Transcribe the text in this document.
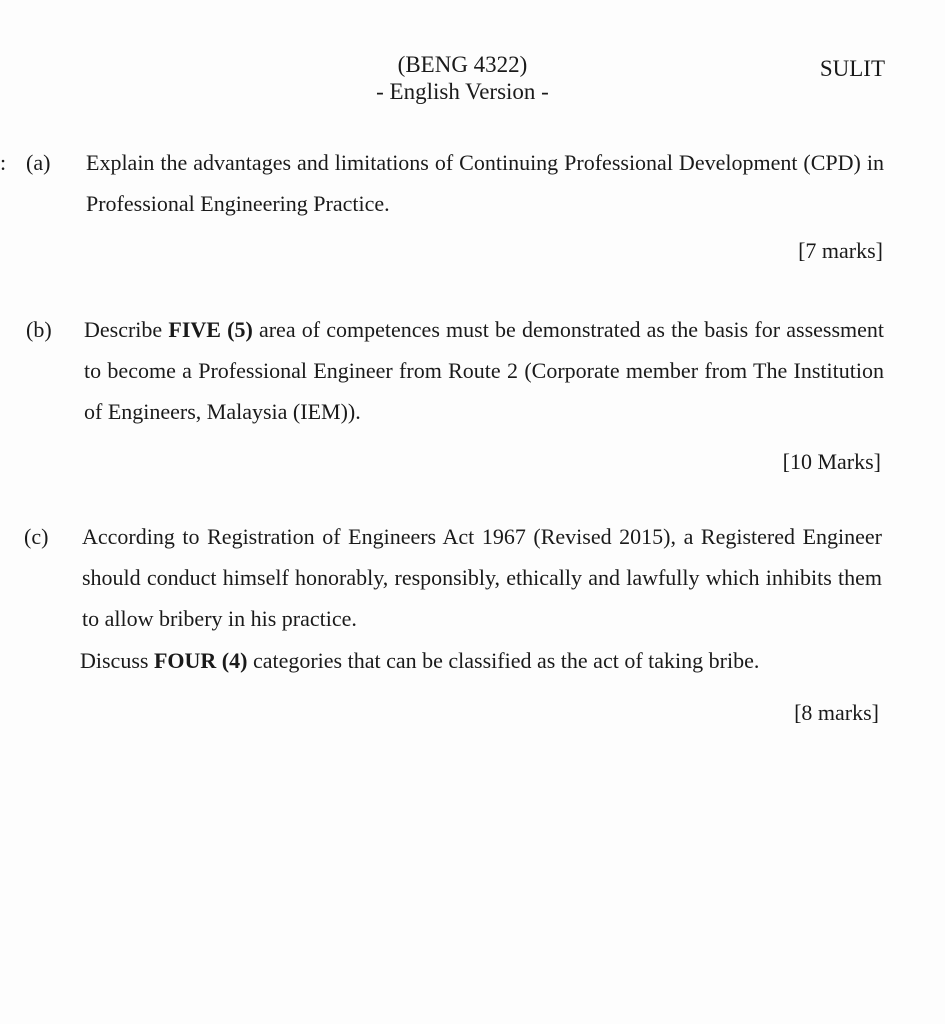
(BENG 4322)
- English Version -
SULIT
: (a) Explain the advantages and limitations of Continuing Professional Development (CPD) in Professional Engineering Practice.
[7 marks]
(b) Describe FIVE (5) area of competences must be demonstrated as the basis for assessment to become a Professional Engineer from Route 2 (Corporate member from The Institution of Engineers, Malaysia (IEM)).
[10 Marks]
(c) According to Registration of Engineers Act 1967 (Revised 2015), a Registered Engineer should conduct himself honorably, responsibly, ethically and lawfully which inhibits them to allow bribery in his practice.
Discuss FOUR (4) categories that can be classified as the act of taking bribe.
[8 marks]
